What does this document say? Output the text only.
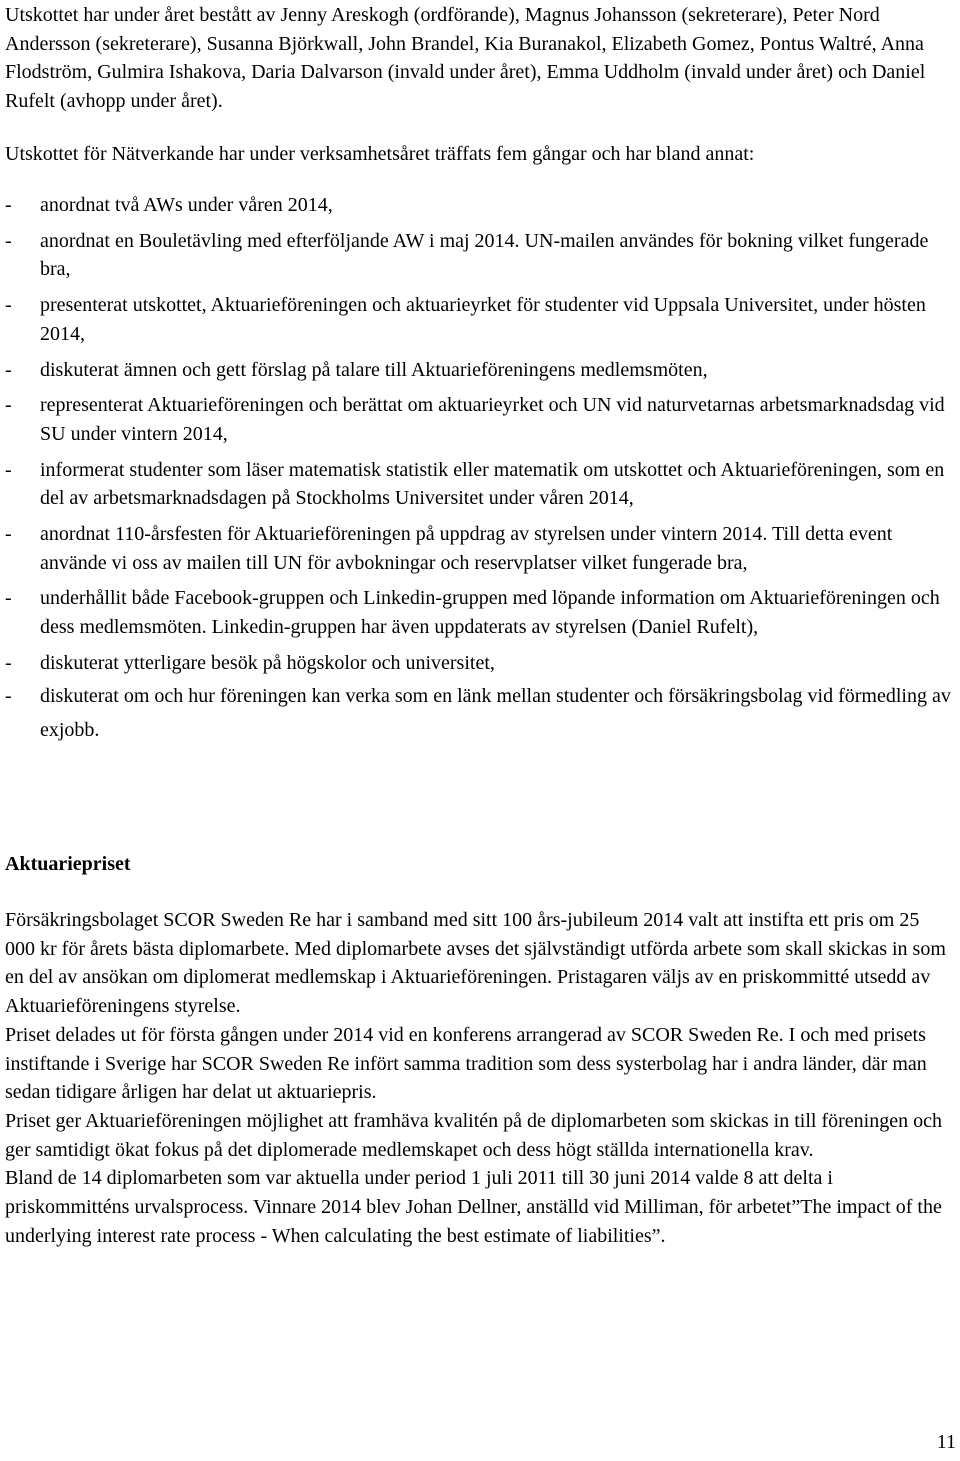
Utskottet har under året bestått av Jenny Areskogh (ordförande), Magnus Johansson (sekreterare), Peter Nord Andersson (sekreterare), Susanna Björkwall, John Brandel, Kia Buranakol, Elizabeth Gomez, Pontus Waltré, Anna Flodström, Gulmira Ishakova, Daria Dalvarson (invald under året), Emma Uddholm (invald under året) och Daniel Rufelt (avhopp under året).

Utskottet för Nätverkande har under verksamhetsåret träffats fem gångar och har bland annat:

- anordnat två AWs under våren 2014,
- anordnat en Bouletävling med efterföljande AW i maj 2014. UN-mailen användes för bokning vilket fungerade bra,
- presenterat utskottet, Aktuarieföreningen och aktuarieyrket för studenter vid Uppsala Universitet, under hösten 2014,
- diskuterat ämnen och gett förslag på talare till Aktuarieföreningens medlemsmöten,
- representerat Aktuarieföreningen och berättat om aktuarieyrket och UN vid naturvetarnas arbetsmarknadsdag vid SU under vintern 2014,
- informerat studenter som läser matematisk statistik eller matematik om utskottet och Aktuarieföreningen, som en del av arbetsmarknadsdagen på Stockholms Universitet under våren 2014,
- anordnat 110-årsfesten för Aktuarieföreningen på uppdrag av styrelsen under vintern 2014. Till detta event använde vi oss av mailen till UN för avbokningar och reservplatser vilket fungerade bra,
- underhållit både Facebook-gruppen och Linkedin-gruppen med löpande information om Aktuarieföreningen och dess medlemsmöten. Linkedin-gruppen har även uppdaterats av styrelsen (Daniel Rufelt),
- diskuterat ytterligare besök på högskolor och universitet,
- diskuterat om och hur föreningen kan verka som en länk mellan studenter och försäkringsbolag vid förmedling av exjobb.

Aktuariepriset

Försäkringsbolaget SCOR Sweden Re har i samband med sitt 100 års-jubileum 2014 valt att instifta ett pris om 25 000 kr för årets bästa diplomarbete. Med diplomarbete avses det självständigt utförda arbete som skall skickas in som en del av ansökan om diplomerat medlemskap i Aktuarieföreningen. Pristagaren väljs av en priskommitté utsedd av Aktuarieföreningens styrelse.

Priset delades ut för första gången under 2014 vid en konferens arrangerad av SCOR Sweden Re. I och med prisets instiftande i Sverige har SCOR Sweden Re infört samma tradition som dess systerbolag har i andra länder, där man sedan tidigare årligen har delat ut aktuariepris.

Priset ger Aktuarieföreningen möjlighet att framhäva kvalitén på de diplomarbeten som skickas in till föreningen och ger samtidigt ökat fokus på det diplomerade medlemskapet och dess högt ställda internationella krav.

Bland de 14 diplomarbeten som var aktuella under period 1 juli 2011 till 30 juni 2014 valde 8 att delta i priskommitténs urvalsprocess. Vinnare 2014 blev Johan Dellner, anställd vid Milliman, för arbetet”The impact of the underlying interest rate process - When calculating the best estimate of liabilities”.

11
